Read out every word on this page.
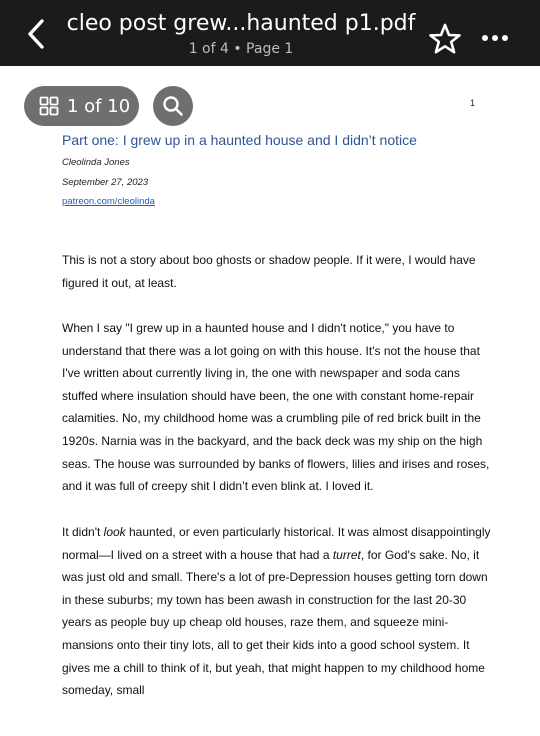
cleo post grew...haunted p1.pdf
1 of 4 • Page 1
1
Part one: I grew up in a haunted house and I didn’t notice
Cleolinda Jones
September 27, 2023
patreon.com/cleolinda
This is not a story about boo ghosts or shadow people. If it were, I would have figured it out, at least.
When I say "I grew up in a haunted house and I didn't notice," you have to understand that there was a lot going on with this house. It's not the house that I've written about currently living in, the one with newspaper and soda cans stuffed where insulation should have been, the one with constant home-repair calamities. No, my childhood home was a crumbling pile of red brick built in the 1920s. Narnia was in the backyard, and the back deck was my ship on the high seas. The house was surrounded by banks of flowers, lilies and irises and roses, and it was full of creepy shit I didn’t even blink at. I loved it.
It didn't look haunted, or even particularly historical. It was almost disappointingly normal—I lived on a street with a house that had a turret, for God's sake. No, it was just old and small. There's a lot of pre-Depression houses getting torn down in these suburbs; my town has been awash in construction for the last 20-30 years as people buy up cheap old houses, raze them, and squeeze mini-mansions onto their tiny lots, all to get their kids into a good school system. It gives me a chill to think of it, but yeah, that might happen to my childhood home someday, small
1 of 10
